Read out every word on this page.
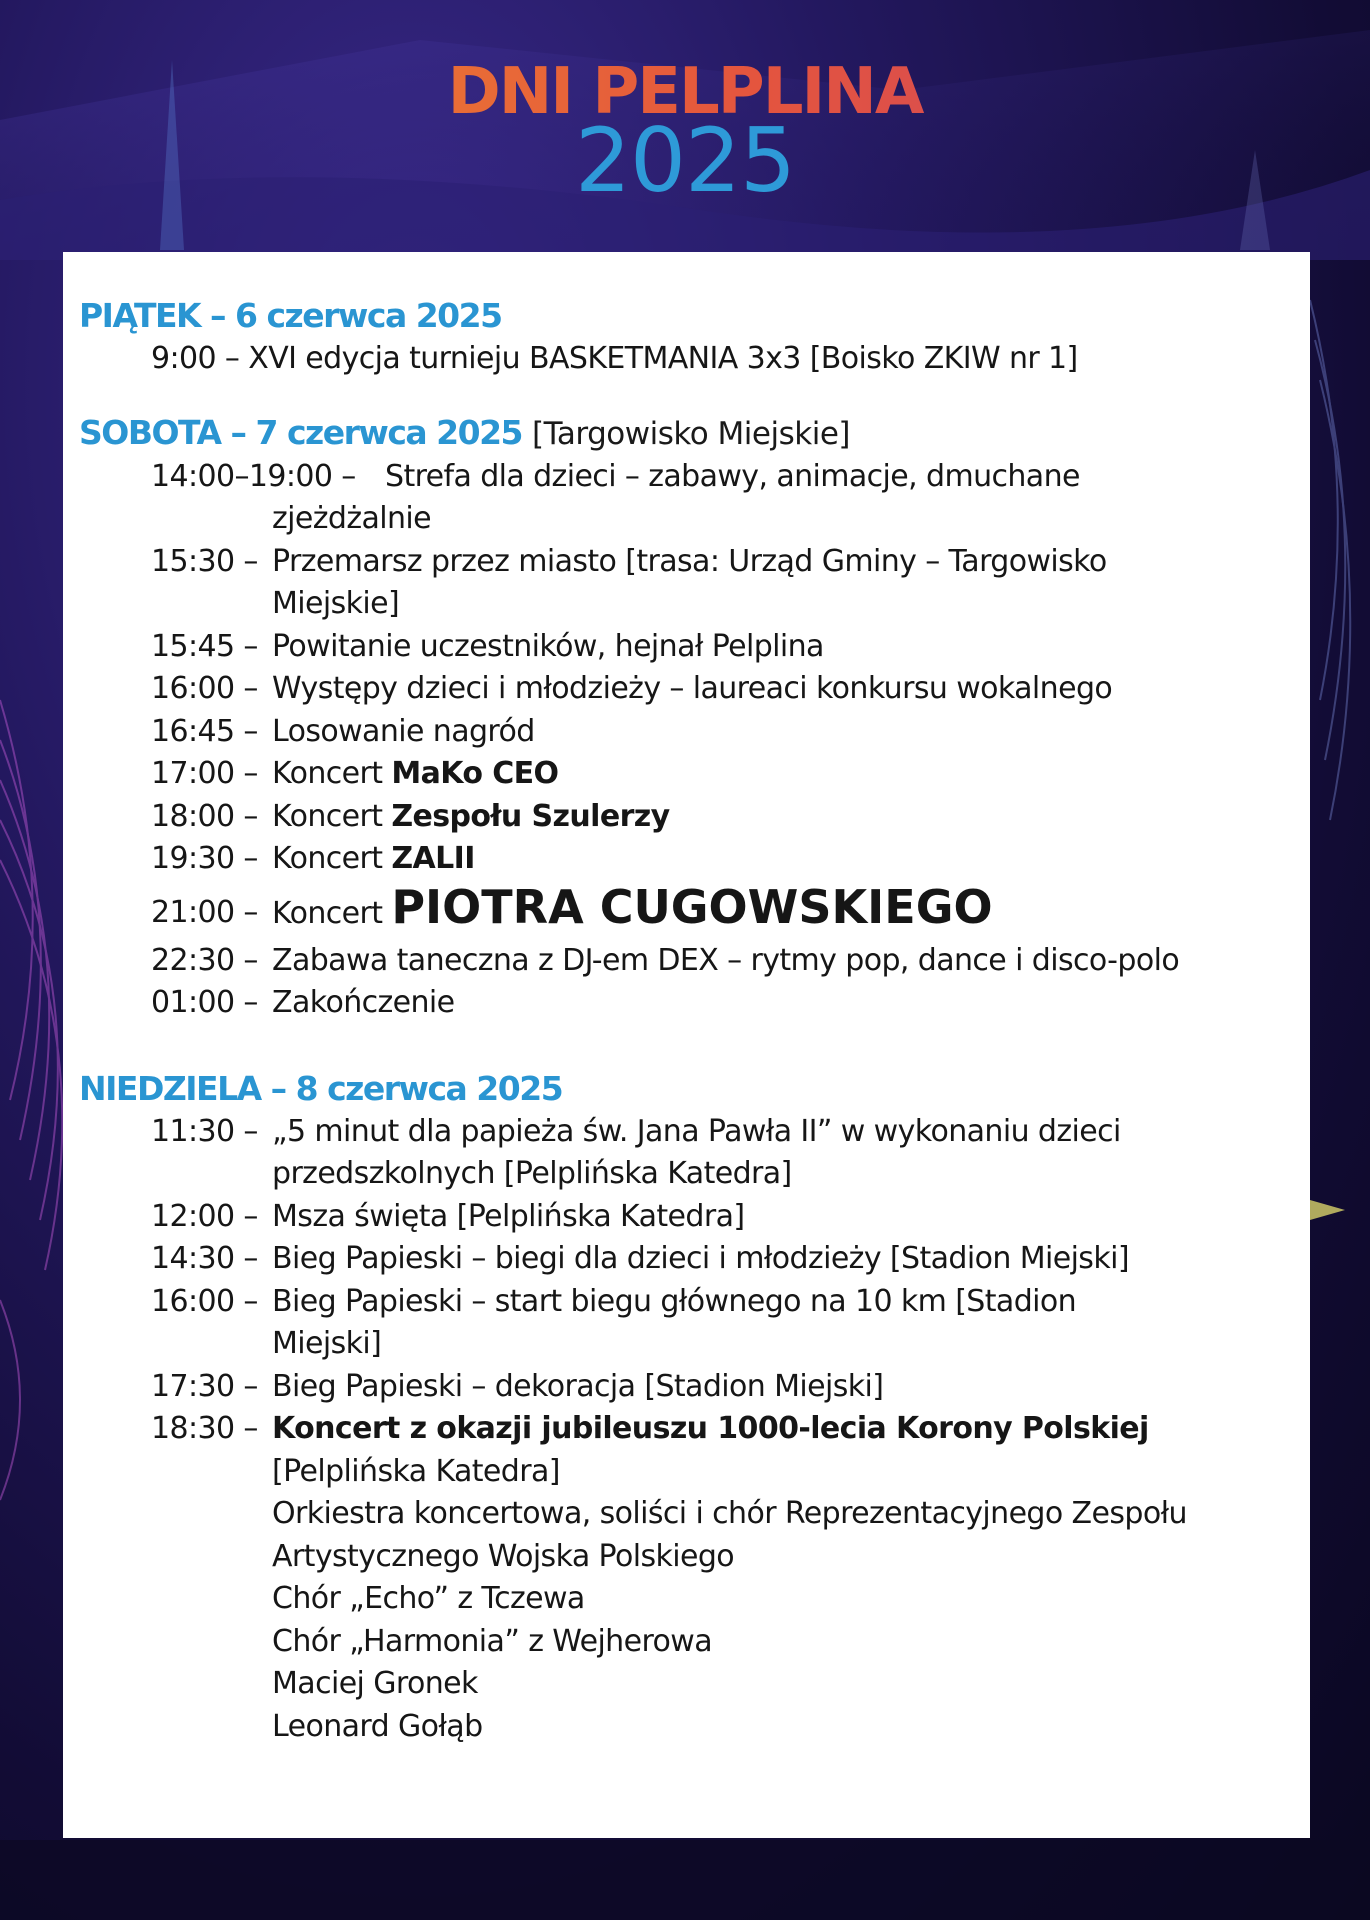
DNI PELPLINA
2025
PIĄTEK – 6 czerwca 2025
9:00 – XVI edycja turnieju BASKETMANIA 3x3 [Boisko ZKIW nr 1]
SOBOTA – 7 czerwca 2025 [Targowisko Miejskie]
14:00–19:00 – Strefa dla dzieci – zabawy, animacje, dmuchane
zjeżdżalnie
15:30 – Przemarsz przez miasto [trasa: Urząd Gminy – Targowisko
Miejskie]
15:45 – Powitanie uczestników, hejnał Pelplina
16:00 – Występy dzieci i młodzieży – laureaci konkursu wokalnego
16:45 – Losowanie nagród
17:00 – Koncert MaKo CEO
18:00 – Koncert Zespołu Szulerzy
19:30 – Koncert ZALII
21:00 – Koncert PIOTRA CUGOWSKIEGO
22:30 – Zabawa taneczna z DJ-em DEX – rytmy pop, dance i disco-polo
01:00 – Zakończenie
NIEDZIELA – 8 czerwca 2025
11:30 – „5 minut dla papieża św. Jana Pawła II” w wykonaniu dzieci
przedszkolnych [Pelplińska Katedra]
12:00 – Msza święta [Pelplińska Katedra]
14:30 – Bieg Papieski – biegi dla dzieci i młodzieży [Stadion Miejski]
16:00 – Bieg Papieski – start biegu głównego na 10 km [Stadion
Miejski]
17:30 – Bieg Papieski – dekoracja [Stadion Miejski]
18:30 – Koncert z okazji jubileuszu 1000-lecia Korony Polskiej
[Pelplińska Katedra]
Orkiestra koncertowa, soliści i chór Reprezentacyjnego Zespołu
Artystycznego Wojska Polskiego
Chór „Echo” z Tczewa
Chór „Harmonia” z Wejherowa
Maciej Gronek
Leonard Gołąb
